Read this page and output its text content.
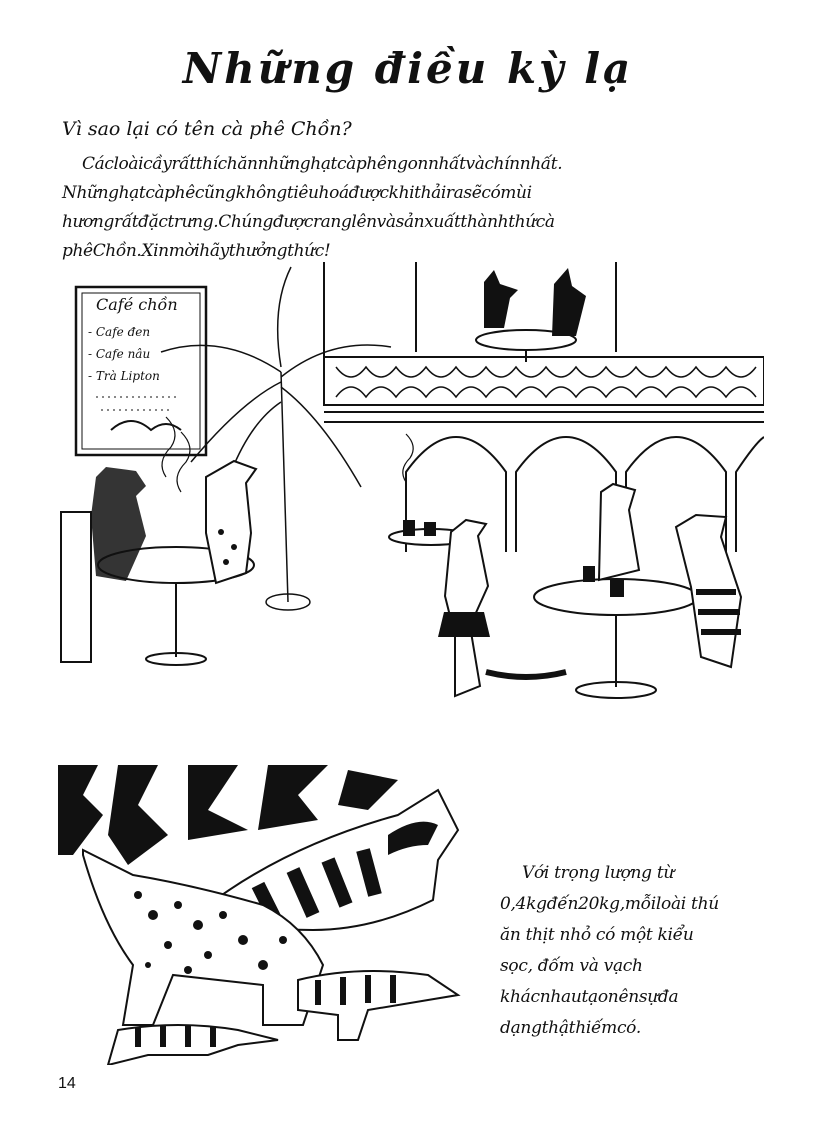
Những điều kỳ lạ
Vì sao lại có tên cà phê Chồn?
Cácloàicầyrấtthíchănnhữnghạtcàphêngonnhấtvàchínnhất. Nhữnghạtcàphêcũngkhôngtiêuhoáđượckhithảirasẽcómùi hươngrấtđặctrưng.Chúngđượcranglênvàsảnxuấtthànhthứcà phêChồn.Xinmờihãythưởngthức!
Café chồn
- Cafe đen
- Cafe nâu
- Trà Lipton
Với trọng lượng từ 0,4kgđến20kg,mỗiloài thú ăn thịt nhỏ có một kiểu sọc, đốm và vạch khácnhautạonênsựđa dạngthậthiếmcó.
14
